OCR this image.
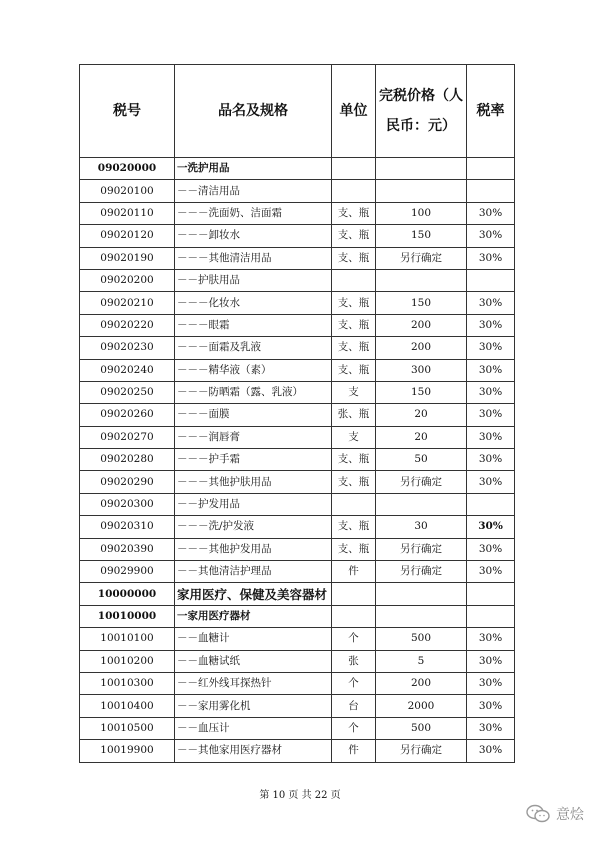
税号	品名及规格	单位	完税价格（人民币：元）	税率
09020000	一洗护用品			
09020100	－－清洁用品			
09020110	－－－洗面奶、洁面霜	支、瓶	100	30%
09020120	－－－卸妆水	支、瓶	150	30%
09020190	－－－其他清洁用品	支、瓶	另行确定	30%
09020200	－－护肤用品			
09020210	－－－化妆水	支、瓶	150	30%
09020220	－－－眼霜	支、瓶	200	30%
09020230	－－－面霜及乳液	支、瓶	200	30%
09020240	－－－精华液（素）	支、瓶	300	30%
09020250	－－－防晒霜（露、乳液）	支	150	30%
09020260	－－－面膜	张、瓶	20	30%
09020270	－－－润唇膏	支	20	30%
09020280	－－－护手霜	支、瓶	50	30%
09020290	－－－其他护肤用品	支、瓶	另行确定	30%
09020300	－－护发用品			
09020310	－－－洗/护发液	支、瓶	30	30%
09020390	－－－其他护发用品	支、瓶	另行确定	30%
09029900	－－其他清洁护理品	件	另行确定	30%
10000000	家用医疗、保健及美容器材			
10010000	一家用医疗器材			
10010100	－－血糖计	个	500	30%
10010200	－－血糖试纸	张	5	30%
10010300	－－红外线耳探热针	个	200	30%
10010400	－－家用雾化机	台	2000	30%
10010500	－－血压计	个	500	30%
10019900	－－其他家用医疗器材	件	另行确定	30%
第 10 页 共 22 页
意烩
